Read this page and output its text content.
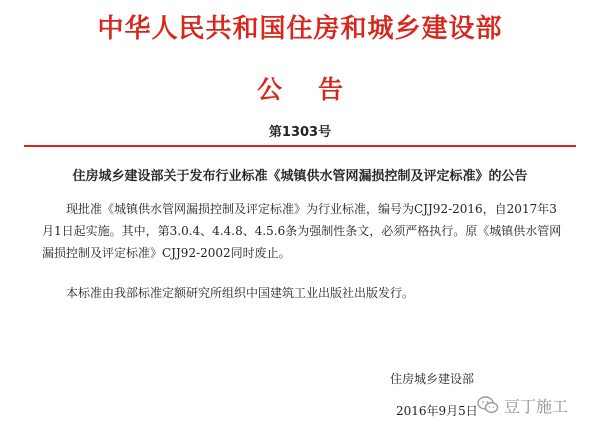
中华人民共和国住房和城乡建设部
公告
第1303号
住房城乡建设部关于发布行业标准《城镇供水管网漏损控制及评定标准》的公告

现批准《城镇供水管网漏损控制及评定标准》为行业标准，编号为CJJ92-2016，自2017年3月1日起实施。其中，第3.0.4、4.4.8、4.5.6条为强制性条文，必须严格执行。原《城镇供水管网漏损控制及评定标准》CJJ92-2002同时废止。

本标准由我部标准定额研究所组织中国建筑工业出版社出版发行。

住房城乡建设部
2016年9月5日 豆丁施工
